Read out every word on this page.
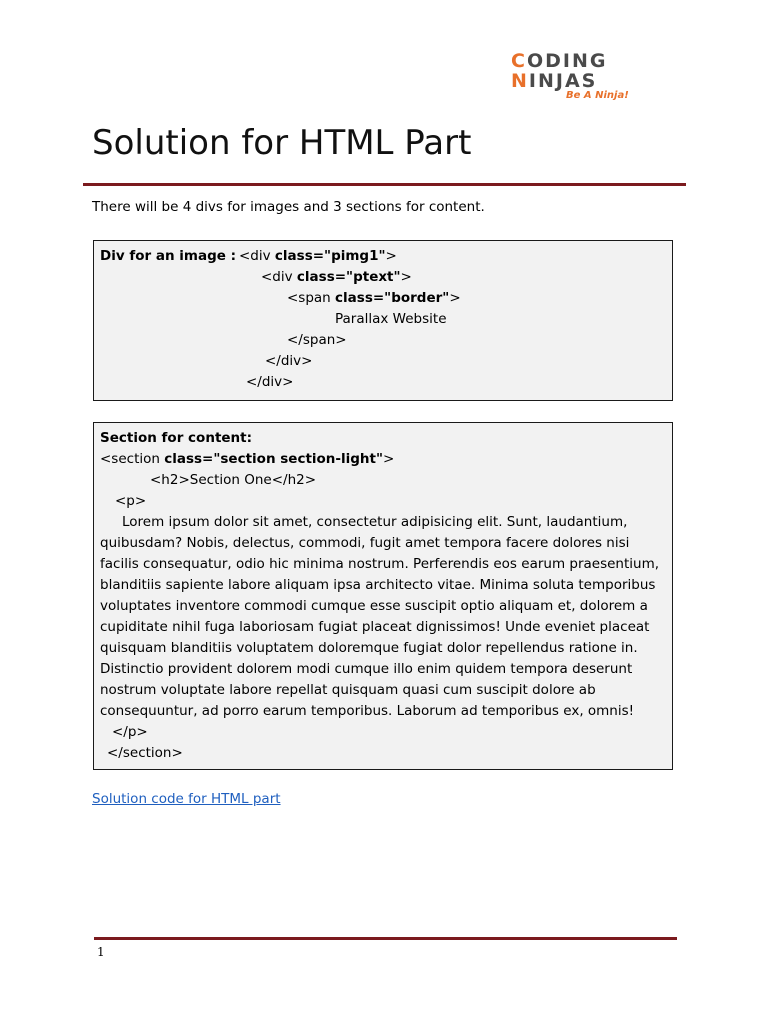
CODING
NINJAS
Be A Ninja!
Solution for HTML Part
There will be 4 divs for images and 3 sections for content.
Div for an image : <div class="pimg1">
<div class="ptext">
<span class="border">
Parallax Website
</span>
</div>
</div>
Section for content:
<section class="section section-light">
<h2>Section One</h2>
<p>
Lorem ipsum dolor sit amet, consectetur adipisicing elit. Sunt, laudantium, quibusdam? Nobis, delectus, commodi, fugit amet tempora facere dolores nisi facilis consequatur, odio hic minima nostrum. Perferendis eos earum praesentium, blanditiis sapiente labore aliquam ipsa architecto vitae. Minima soluta temporibus voluptates inventore commodi cumque esse suscipit optio aliquam et, dolorem a cupiditate nihil fuga laboriosam fugiat placeat dignissimos! Unde eveniet placeat quisquam blanditiis voluptatem doloremque fugiat dolor repellendus ratione in. Distinctio provident dolorem modi cumque illo enim quidem tempora deserunt nostrum voluptate labore repellat quisquam quasi cum suscipit dolore ab consequuntur, ad porro earum temporibus. Laborum ad temporibus ex, omnis!
</p>
</section>
Solution code for HTML part
1
